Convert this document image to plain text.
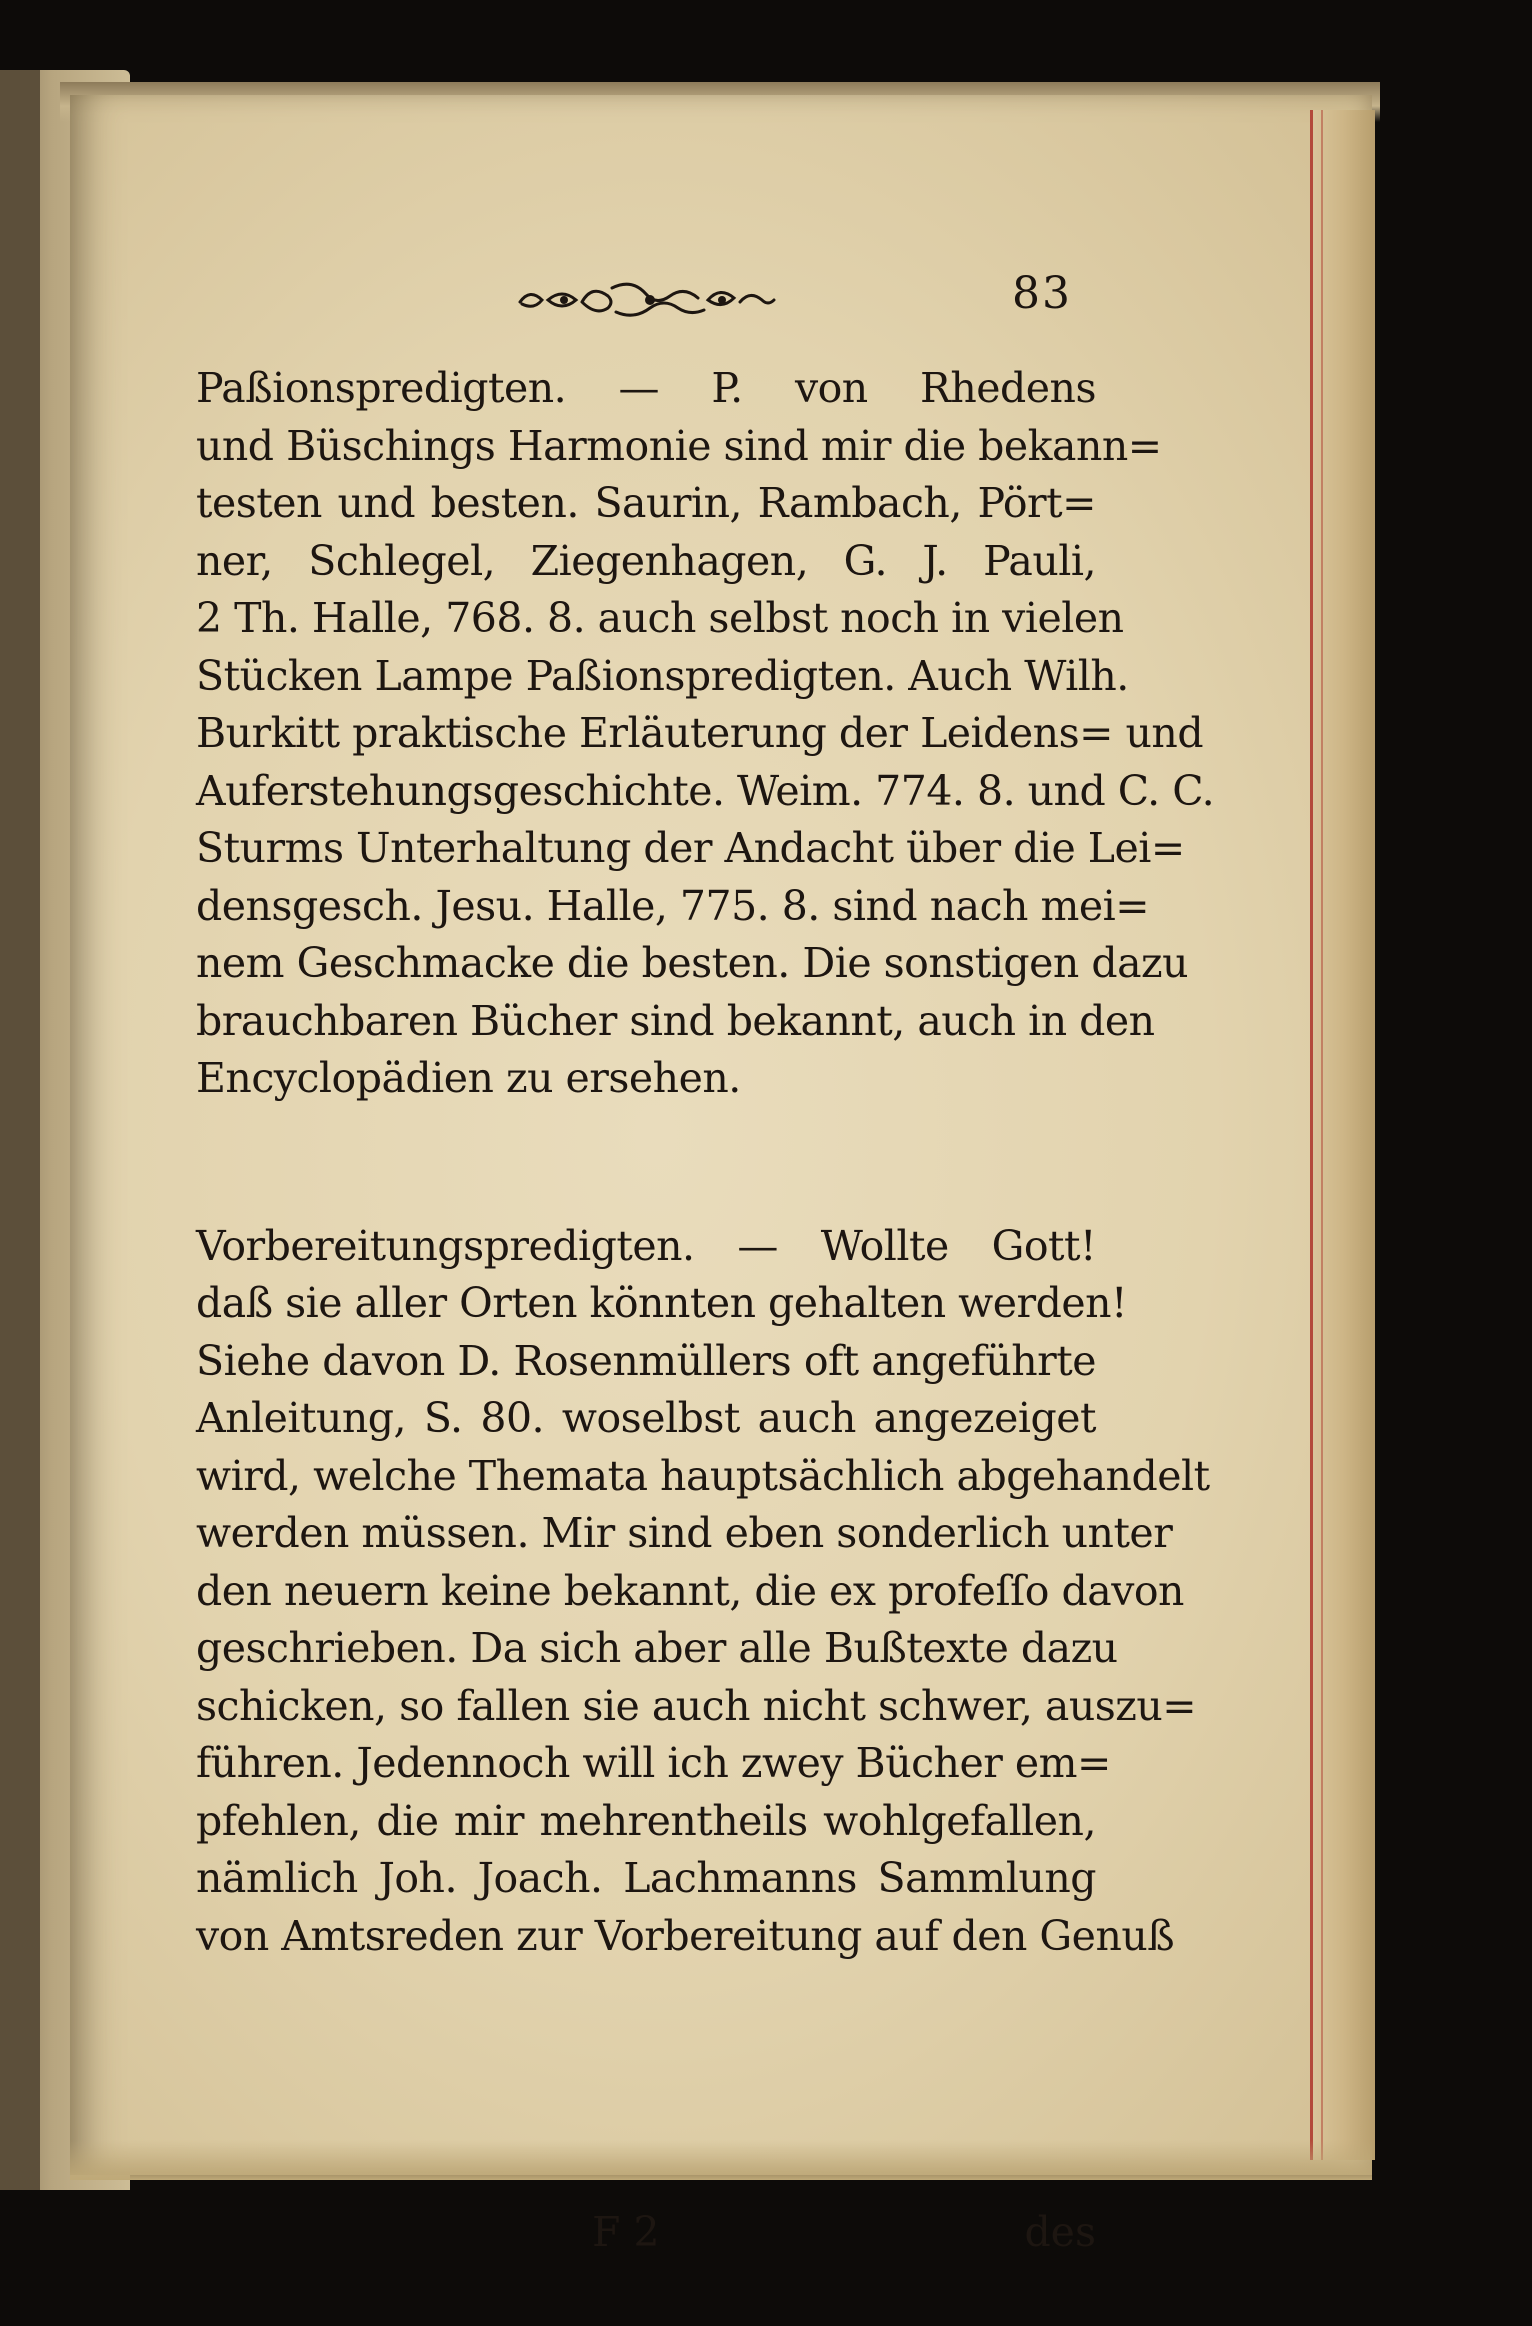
83
Paßionspredigten. — P. von Rhedens
und Büschings Harmonie sind mir die bekann=
testen und besten. Saurin, Rambach, Pört=
ner, Schlegel, Ziegenhagen, G. J. Pauli,
2 Th. Halle, 768. 8. auch selbst noch in vielen
Stücken Lampe Paßionspredigten. Auch Wilh.
Burkitt praktische Erläuterung der Leidens= und
Auferstehungsgeschichte. Weim. 774. 8. und C. C.
Sturms Unterhaltung der Andacht über die Lei=
densgesch. Jesu. Halle, 775. 8. sind nach mei=
nem Geschmacke die besten. Die sonstigen dazu
brauchbaren Bücher sind bekannt, auch in den
Encyclopädien zu ersehen.
Vorbereitungspredigten. — Wollte Gott!
daß sie aller Orten könnten gehalten werden!
Siehe davon D. Rosenmüllers oft angeführte
Anleitung, S. 80. woselbst auch angezeiget
wird, welche Themata hauptsächlich abgehandelt
werden müssen. Mir sind eben sonderlich unter
den neuern keine bekannt, die ex profeſſo davon
geschrieben. Da sich aber alle Bußtexte dazu
schicken, so fallen sie auch nicht schwer, auszu=
führen. Jedennoch will ich zwey Bücher em=
pfehlen, die mir mehrentheils wohlgefallen,
nämlich Joh. Joach. Lachmanns Sammlung
von Amtsreden zur Vorbereitung auf den Genuß
F 2	des
